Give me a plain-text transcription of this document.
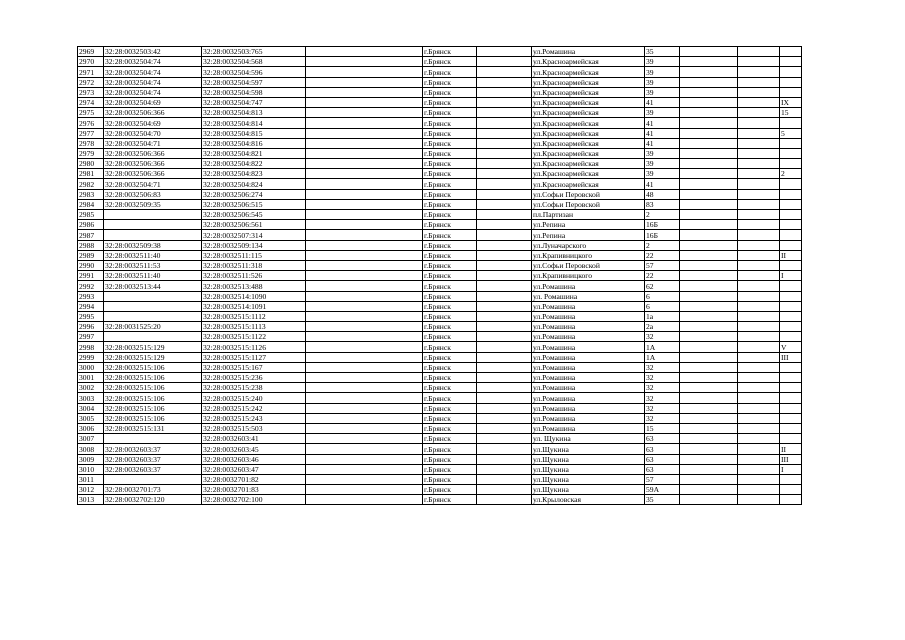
2969	32:28:0032503:42	32:28:0032503:765		г.Брянск		ул.Ромашина	35			
2970	32:28:0032504:74	32:28:0032504:568		г.Брянск		ул.Красноармейская	39			
2971	32:28:0032504:74	32:28:0032504:596		г.Брянск		ул.Красноармейская	39			
2972	32:28:0032504:74	32:28:0032504:597		г.Брянск		ул.Красноармейская	39			
2973	32:28:0032504:74	32:28:0032504:598		г.Брянск		ул.Красноармейская	39			
2974	32:28:0032504:69	32:28:0032504:747		г.Брянск		ул.Красноармейская	41			IX
2975	32:28:0032506:366	32:28:0032504:813		г.Брянск		ул.Красноармейская	39			15
2976	32:28:0032504:69	32:28:0032504:814		г.Брянск		ул.Красноармейская	41			
2977	32:28:0032504:70	32:28:0032504:815		г.Брянск		ул.Красноармейская	41			5
2978	32:28:0032504:71	32:28:0032504:816		г.Брянск		ул.Красноармейская	41			
2979	32:28:0032506:366	32:28:0032504:821		г.Брянск		ул.Красноармейская	39			
2980	32:28:0032506:366	32:28:0032504:822		г.Брянск		ул.Красноармейская	39			
2981	32:28:0032506:366	32:28:0032504:823		г.Брянск		ул.Красноармейская	39			2
2982	32:28:0032504:71	32:28:0032504:824		г.Брянск		ул.Красноармейская	41			
2983	32:28:0032506:83	32:28:0032506:274		г.Брянск		ул.Софьи Перовской	48			
2984	32:28:0032509:35	32:28:0032506:515		г.Брянск		ул.Софьи Перовской	83			
2985		32:28:0032506:545		г.Брянск		пл.Партизан	2			
2986		32:28:0032506:561		г.Брянск		ул.Репина	16Б			
2987		32:28:0032507:314		г.Брянск		ул.Репина	16Б			
2988	32:28:0032509:38	32:28:0032509:134		г.Брянск		ул.Луначарского	2			
2989	32:28:0032511:40	32:28:0032511:115		г.Брянск		ул.Крапивницкого	22			II
2990	32:28:0032511:53	32:28:0032511:318		г.Брянск		ул.Софьи Перовской	57			
2991	32:28:0032511:40	32:28:0032511:526		г.Брянск		ул.Крапивницкого	22			I
2992	32:28:0032513:44	32:28:0032513:488		г.Брянск		ул.Ромашина	62			
2993		32:28:0032514:1090		г.Брянск		ул. Ромашина	6			
2994		32:28:0032514:1091		г.Брянск		ул.Ромашина	6			
2995		32:28:0032515:1112		г.Брянск		ул.Ромашина	1а			
2996	32:28:0031525:20	32:28:0032515:1113		г.Брянск		ул.Ромашина	2а			
2997		32:28:0032515:1122		г.Брянск		ул.Ромашина	32			
2998	32:28:0032515:129	32:28:0032515:1126		г.Брянск		ул.Ромашина	1А			V
2999	32:28:0032515:129	32:28:0032515:1127		г.Брянск		ул.Ромашина	1А			III
3000	32:28:0032515:106	32:28:0032515:167		г.Брянск		ул.Ромашина	32			
3001	32:28:0032515:106	32:28:0032515:236		г.Брянск		ул.Ромашина	32			
3002	32:28:0032515:106	32:28:0032515:238		г.Брянск		ул.Ромашина	32			
3003	32:28:0032515:106	32:28:0032515:240		г.Брянск		ул.Ромашина	32			
3004	32:28:0032515:106	32:28:0032515:242		г.Брянск		ул.Ромашина	32			
3005	32:28:0032515:106	32:28:0032515:243		г.Брянск		ул.Ромашина	32			
3006	32:28:0032515:131	32:28:0032515:503		г.Брянск		ул.Ромашина	15			
3007		32:28:0032603:41		г.Брянск		ул. Щукина	63			
3008	32:28:0032603:37	32:28:0032603:45		г.Брянск		ул.Щукина	63			II
3009	32:28:0032603:37	32:28:0032603:46		г.Брянск		ул.Щукина	63			III
3010	32:28:0032603:37	32:28:0032603:47		г.Брянск		ул.Щукина	63			I
3011		32:28:0032701:82		г.Брянск		ул.Щукина	57			
3012	32:28:0032701:73	32:28:0032701:83		г.Брянск		ул.Щукина	59А			
3013	32:28:0032702:120	32:28:0032702:100		г.Брянск		ул.Крыловская	35			
